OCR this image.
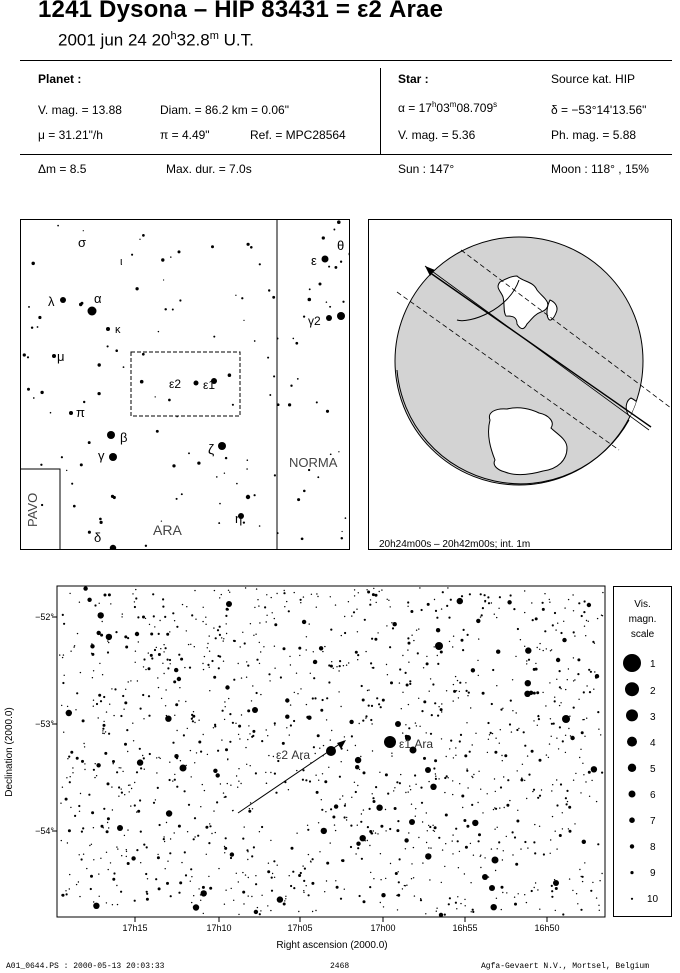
1241 Dysona – HIP 83431 = ε2 Arae
2001 jun 24 20$^h$32.8$^m$ U.T.
Planet :
V. mag. = 13.88	Diam. = 86.2 km = 0.06"
μ = 31.21"/h	π = 4.49"	Ref. = MPC28564
Δm = 8.5	Max. dur. = 7.0s
Star :	Source kat. HIP
$\alpha = 17^h03^m08.709^s$	δ = −53°14'13.56"
V. mag. = 5.36	Ph. mag. = 5.88
Sun : 147°	Moon : 118° , 15%
σ
ι
λ	α
κ
μ
π
β
γ	ζ
η
δ
ε2 ε1
ARA
PAVO
NORMA
ε
θ
γ2
20h24m00s – 20h42m00s; int. 1m
−52°
−53°
−54°
17h15	17h10	17h05	17h00	16h55	16h50
Right ascension (2000.0)
Declination (2000.0)	ε2 Ara
ε1 Ara
Vis.
magn.
scale
1
2
3
4
5
6
7
8
9
10
A01_0644.PS : 2000-05-13 20:03:33	2468	Agfa-Gevaert N.V., Mortsel, Belgium
